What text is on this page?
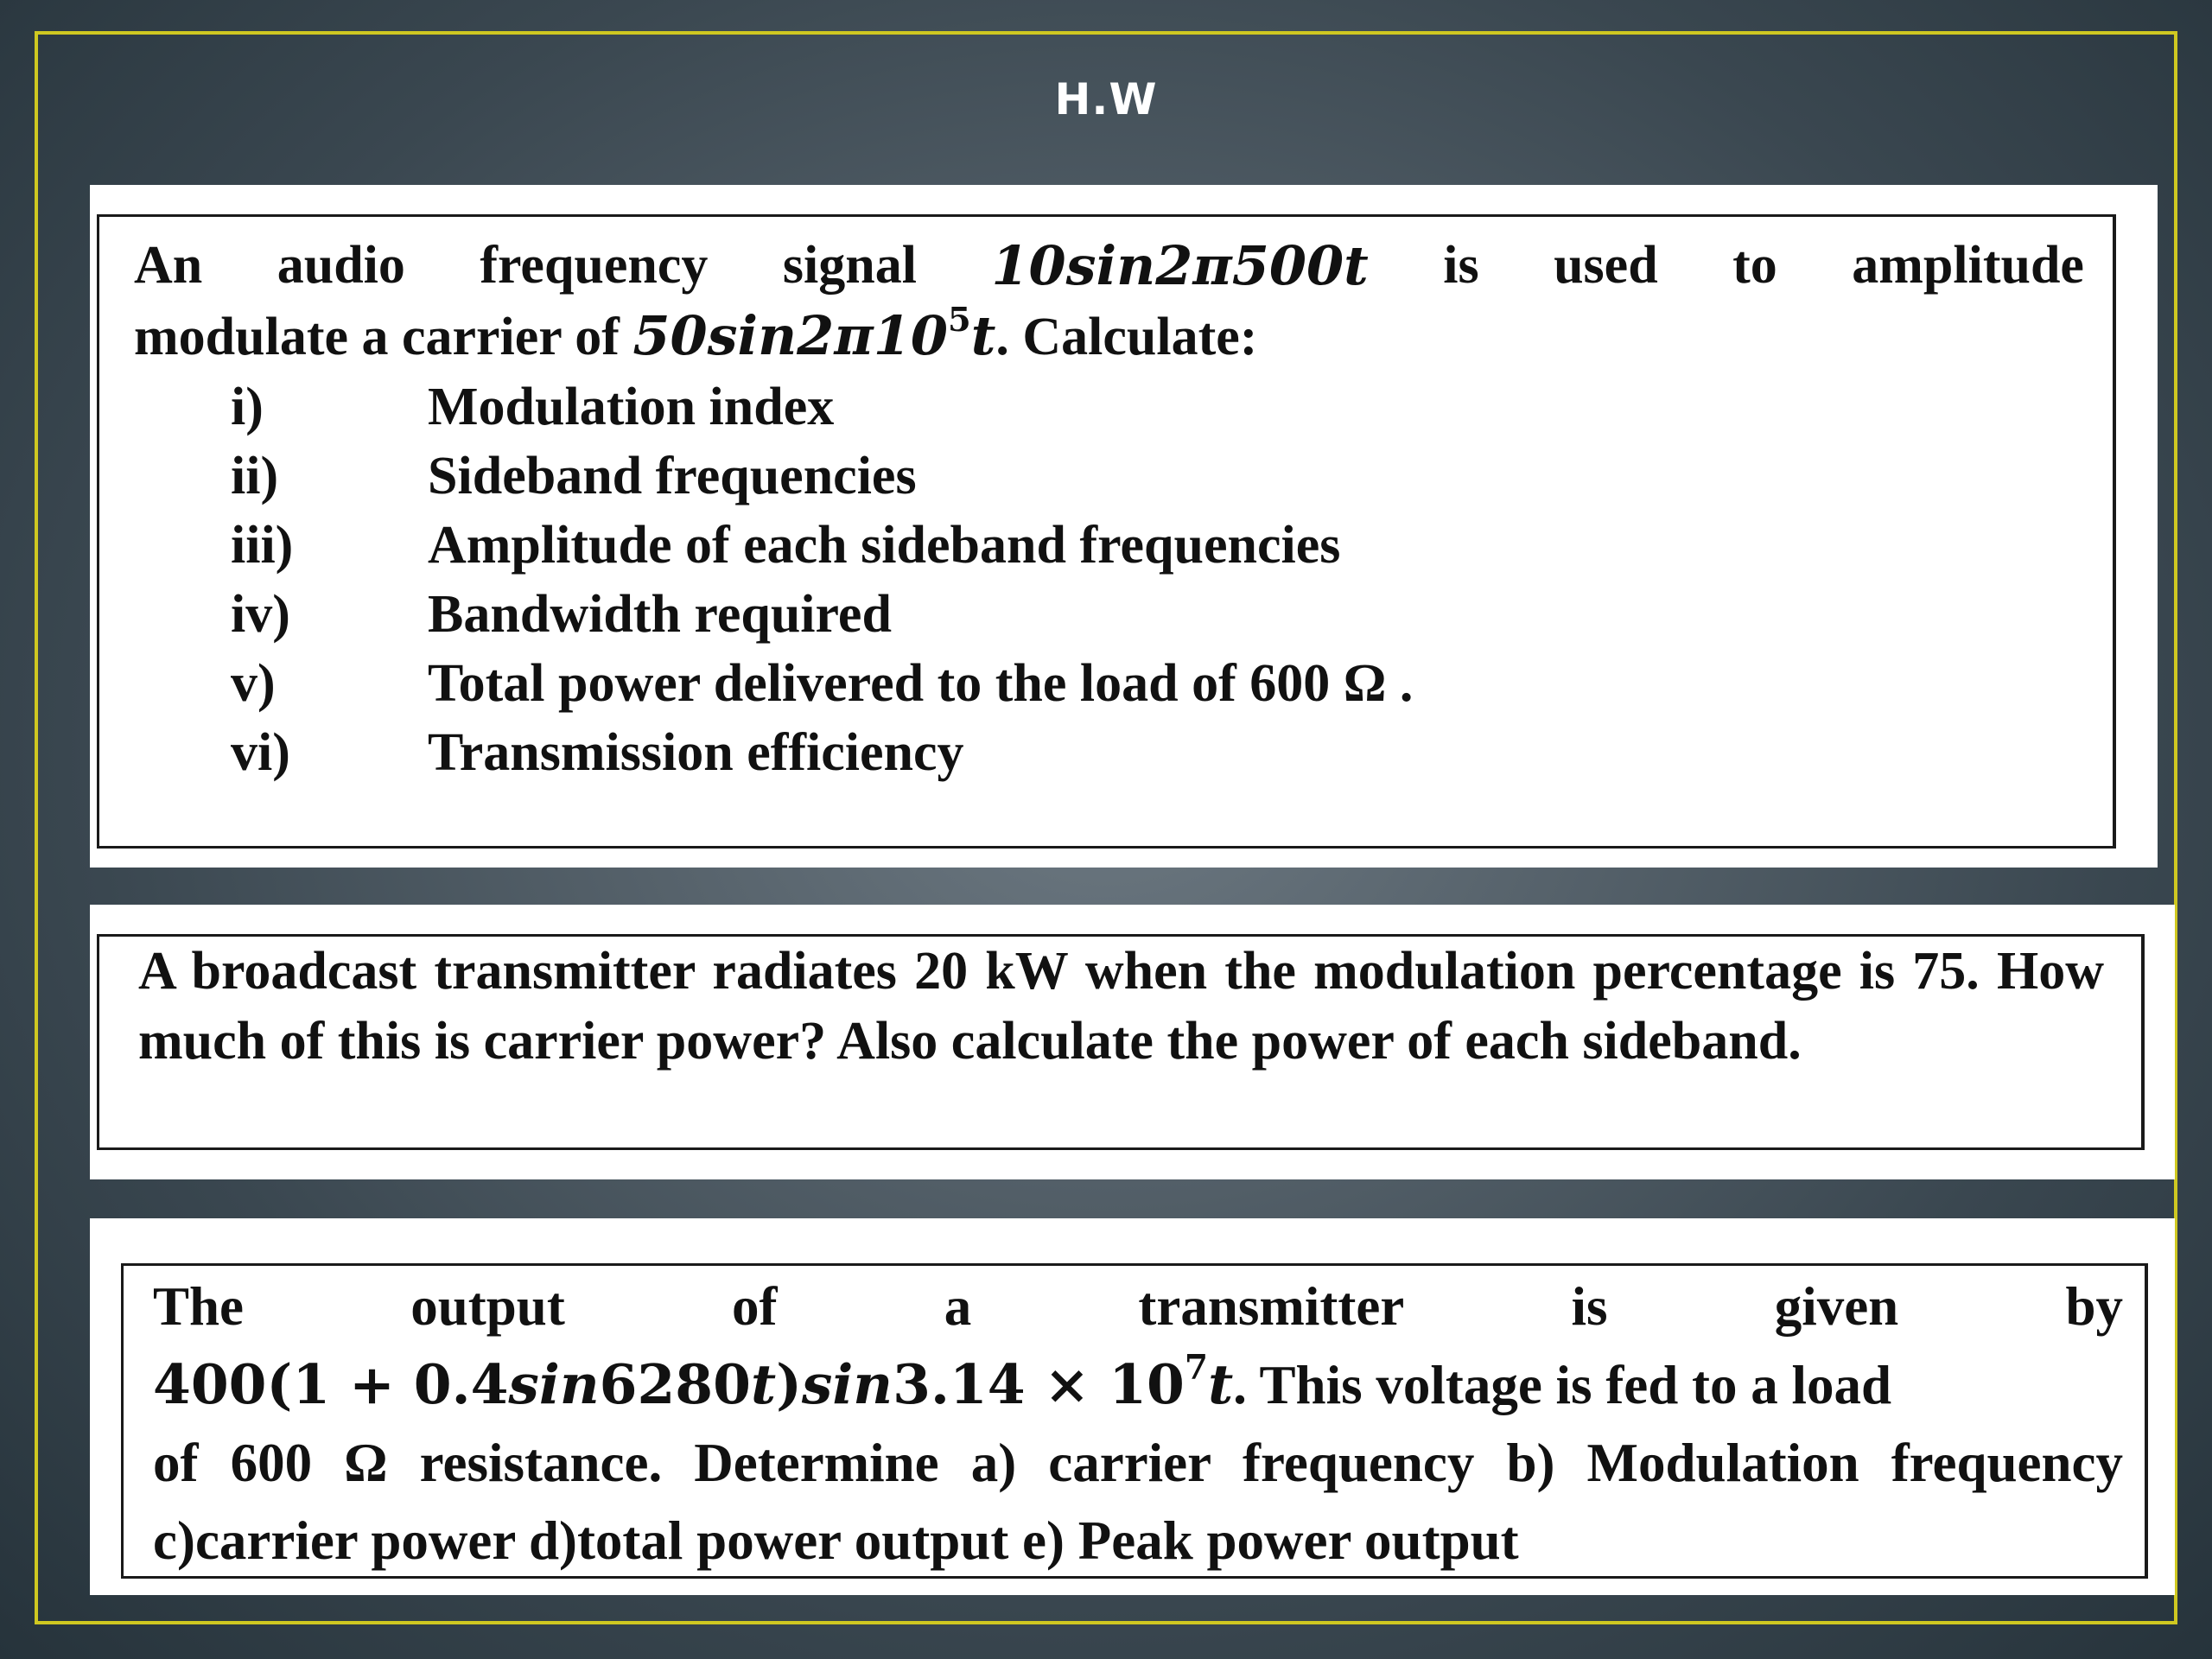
H.W
An audio frequency signal 10sin2π500t is used to amplitude
modulate a carrier of $50\sin 2\pi 10^5t$. Calculate:
i)	Modulation index
ii)	Sideband frequencies
iii)	Amplitude of each sideband frequencies
iv)	Bandwidth required
v)	Total power delivered to the load of 600 Ω .
vi)	Transmission efficiency
A broadcast transmitter radiates 20 kW when the modulation percentage is 75. How much of this is carrier power? Also calculate the power of each sideband.
The	output	of	a	transmitter	is	given	by
$400(1 + 0.4\sin 6280t)\sin 3.14 \times 10^7t$. This voltage is fed to a load
of 600 Ω resistance. Determine a) carrier frequency b) Modulation frequency c)carrier power d)total power output e) Peak power output
